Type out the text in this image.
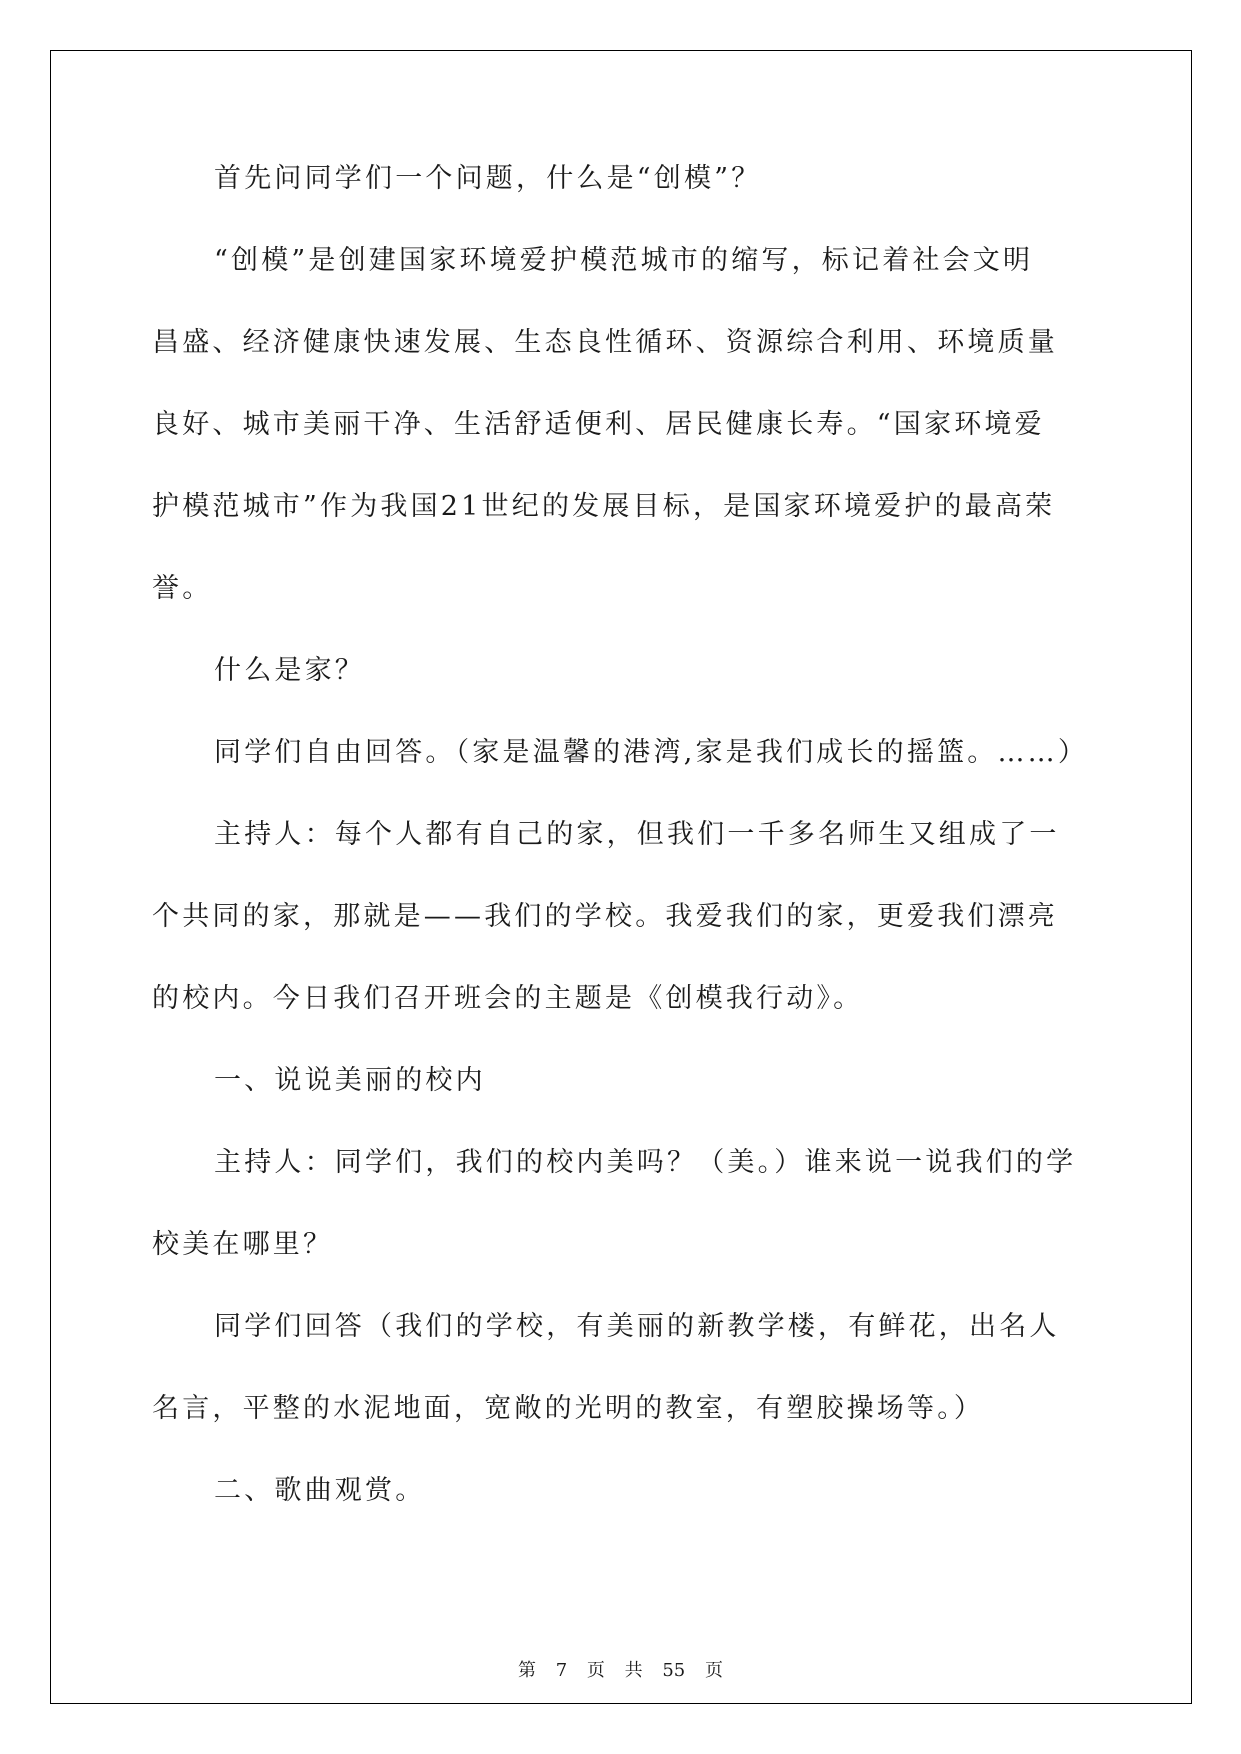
首先问同学们一个问题，什么是“创模”？
“创模”是创建国家环境爱护模范城市的缩写，标记着社会文明
昌盛、经济健康快速发展、生态良性循环、资源综合利用、环境质量
良好、城市美丽干净、生活舒适便利、居民健康长寿。“国家环境爱
护模范城市”作为我国21世纪的发展目标，是国家环境爱护的最高荣
誉。
什么是家？
同学们自由回答。（家是温馨的港湾,家是我们成长的摇篮。……）
主持人：每个人都有自己的家，但我们一千多名师生又组成了一
个共同的家，那就是——我们的学校。我爱我们的家，更爱我们漂亮
的校内。今日我们召开班会的主题是《创模我行动》。
一、说说美丽的校内
主持人：同学们，我们的校内美吗？（美。）谁来说一说我们的学
校美在哪里？
同学们回答（我们的学校，有美丽的新教学楼，有鲜花，出名人
名言，平整的水泥地面，宽敞的光明的教室，有塑胶操场等。）
二、歌曲观赏。
第 7 页 共 55 页
